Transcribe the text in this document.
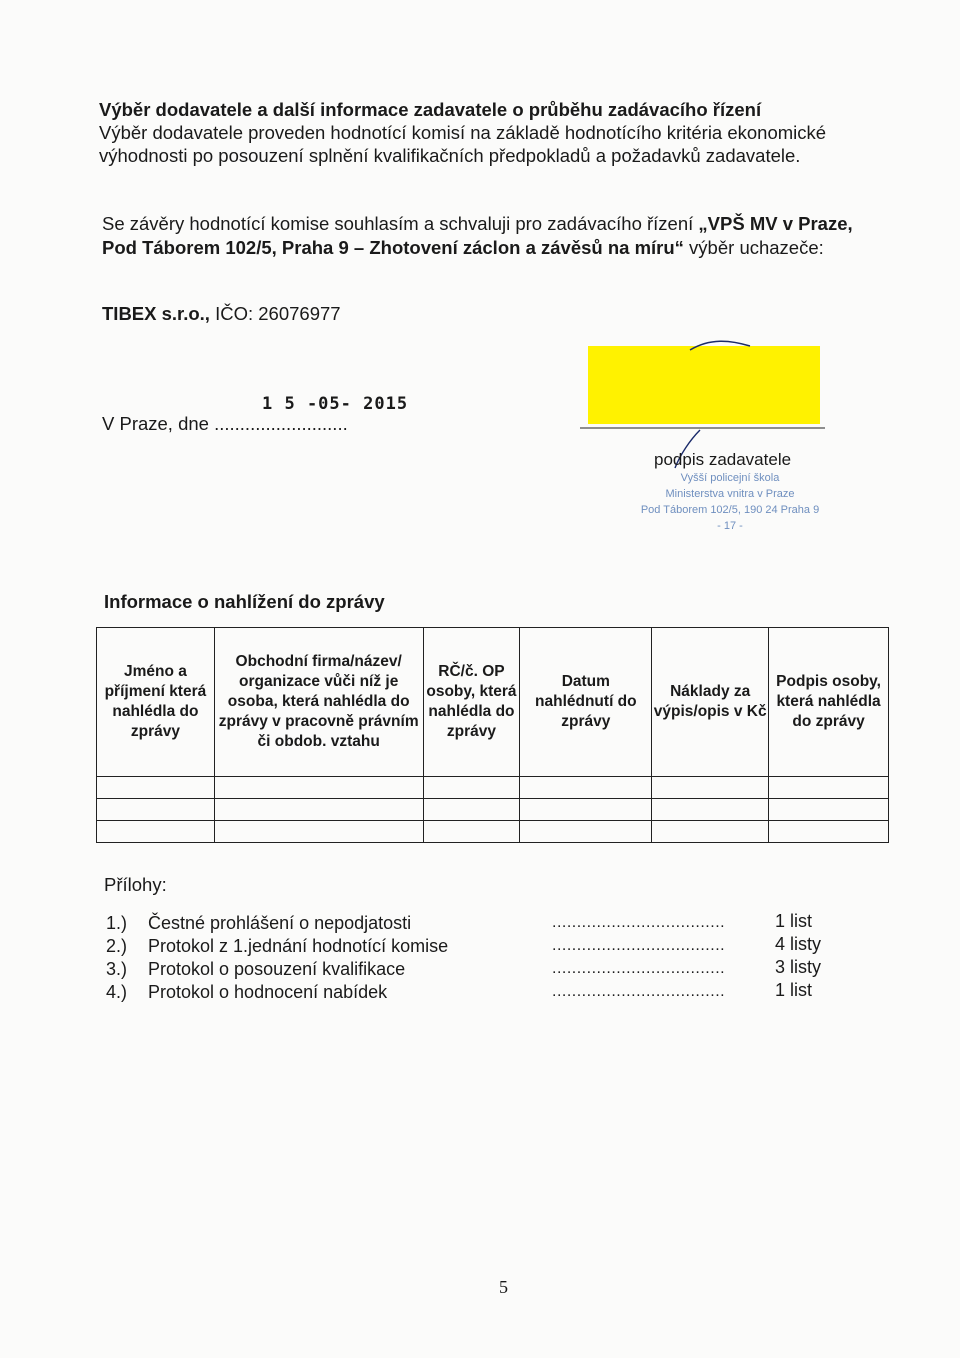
Výběr dodavatele a další informace zadavatele o průběhu zadávacího řízení
Výběr dodavatele proveden hodnotící komisí na základě hodnotícího kritéria ekonomické
výhodnosti po posouzení splnění kvalifikačních předpokladů a požadavků zadavatele.
Se závěry hodnotící komise souhlasím a schvaluji pro zadávacího řízení „VPŠ MV v Praze,
Pod Táborem 102/5, Praha 9 – Zhotovení záclon a závěsů na míru“ výběr uchazeče:
TIBEX s.r.o., IČO: 26076977
1 5 -05- 2015
V Praze, dne ..........................
podpis zadavatele
Vyšší policejní škola
Ministerstva vnitra v Praze
Pod Táborem 102/5, 190 24 Praha 9
- 17 -
Informace o nahlížení do zprávy
Jméno a příjmení která nahlédla do zprávy	Obchodní firma/název/ organizace vůči níž je osoba, která nahlédla do zprávy v pracovně právním či obdob. vztahu	RČ/č. OP osoby, která nahlédla do zprávy	Datum nahlédnutí do zprávy	Náklady za výpis/opis v Kč	Podpis osoby, která nahlédla do zprávy

Přílohy:
1.) Čestné prohlášení o nepodjatosti	...................................	1 list
2.) Protokol z 1.jednání hodnotící komise	...................................	4 listy
3.) Protokol o posouzení kvalifikace	...................................	3 listy
4.) Protokol o hodnocení nabídek	...................................	1 list
5
